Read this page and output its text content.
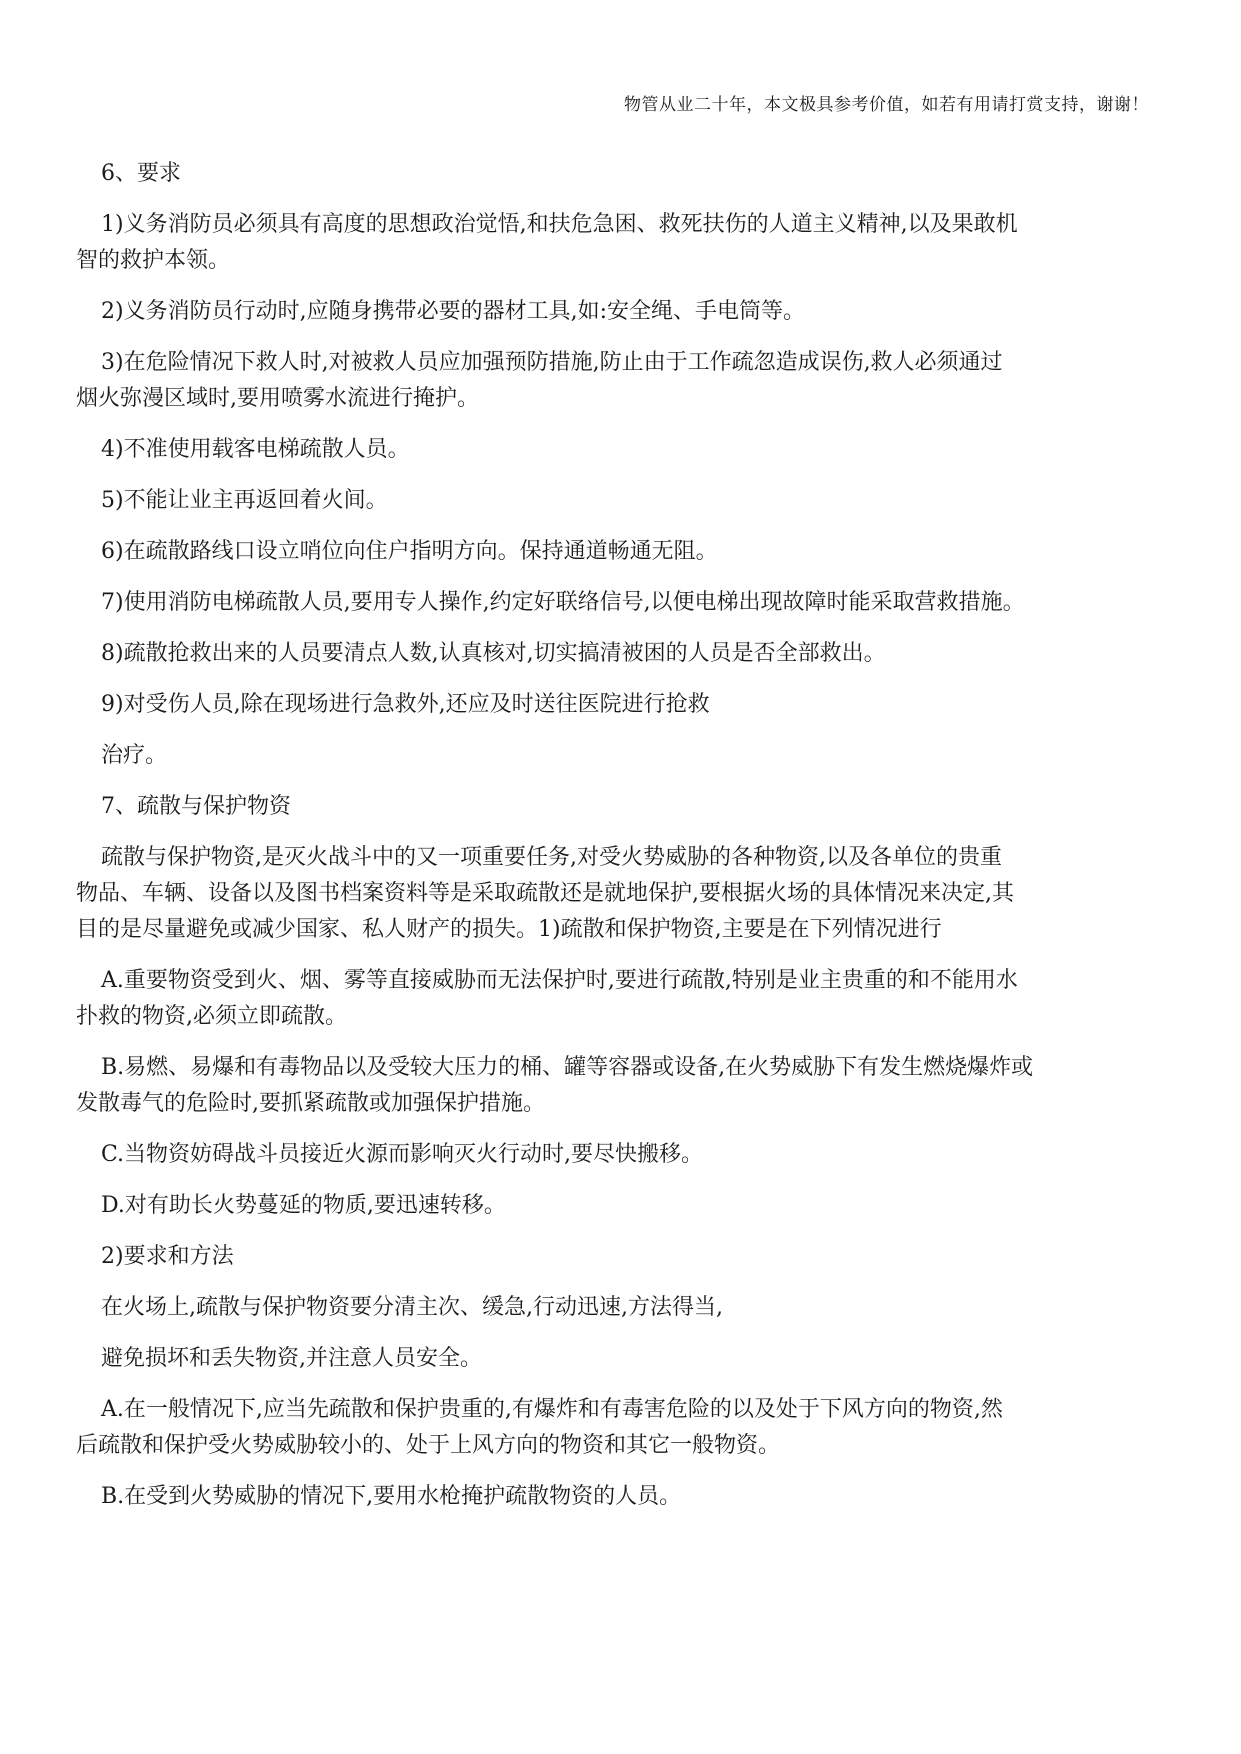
物管从业二十年，本文极具参考价值，如若有用请打赏支持，谢谢！
6、要求
1)义务消防员必须具有高度的思想政治觉悟,和扶危急困、救死扶伤的人道主义精神,以及果敢机
智的救护本领。
2)义务消防员行动时,应随身携带必要的器材工具,如:安全绳、手电筒等。
3)在危险情况下救人时,对被救人员应加强预防措施,防止由于工作疏忽造成误伤,救人必须通过
烟火弥漫区域时,要用喷雾水流进行掩护。
4)不准使用载客电梯疏散人员。
5)不能让业主再返回着火间。
6)在疏散路线口设立哨位向住户指明方向。保持通道畅通无阻。
7)使用消防电梯疏散人员,要用专人操作,约定好联络信号,以便电梯出现故障时能采取营救措施。
8)疏散抢救出来的人员要清点人数,认真核对,切实搞清被困的人员是否全部救出。
9)对受伤人员,除在现场进行急救外,还应及时送往医院进行抢救
治疗。
7、疏散与保护物资
疏散与保护物资,是灭火战斗中的又一项重要任务,对受火势威胁的各种物资,以及各单位的贵重
物品、车辆、设备以及图书档案资料等是采取疏散还是就地保护,要根据火场的具体情况来决定,其
目的是尽量避免或减少国家、私人财产的损失。1)疏散和保护物资,主要是在下列情况进行
A.重要物资受到火、烟、雾等直接威胁而无法保护时,要进行疏散,特别是业主贵重的和不能用水
扑救的物资,必须立即疏散。
B.易燃、易爆和有毒物品以及受较大压力的桶、罐等容器或设备,在火势威胁下有发生燃烧爆炸或
发散毒气的危险时,要抓紧疏散或加强保护措施。
C.当物资妨碍战斗员接近火源而影响灭火行动时,要尽快搬移。
D.对有助长火势蔓延的物质,要迅速转移。
2)要求和方法
在火场上,疏散与保护物资要分清主次、缓急,行动迅速,方法得当,
避免损坏和丢失物资,并注意人员安全。
A.在一般情况下,应当先疏散和保护贵重的,有爆炸和有毒害危险的以及处于下风方向的物资,然
后疏散和保护受火势威胁较小的、处于上风方向的物资和其它一般物资。
B.在受到火势威胁的情况下,要用水枪掩护疏散物资的人员。
